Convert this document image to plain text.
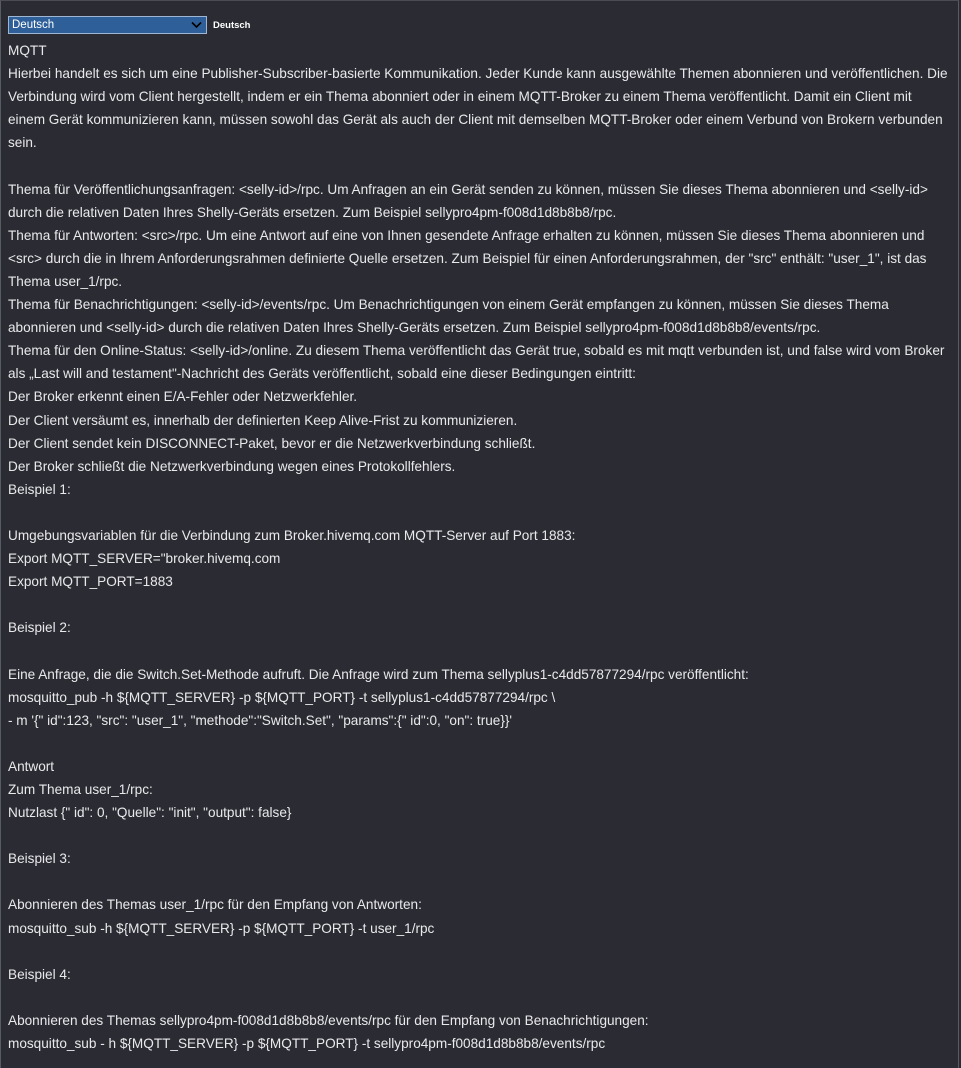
Deutsch	Deutsch

MQTT

Hierbei handelt es sich um eine Publisher-Subscriber-basierte Kommunikation. Jeder Kunde kann ausgewählte Themen abonnieren und veröffentlichen. Die Verbindung wird vom Client hergestellt, indem er ein Thema abonniert oder in einem MQTT-Broker zu einem Thema veröffentlicht. Damit ein Client mit einem Gerät kommunizieren kann, müssen sowohl das Gerät als auch der Client mit demselben MQTT-Broker oder einem Verbund von Brokern verbunden sein.

Thema für Veröffentlichungsanfragen: <selly-id>/rpc. Um Anfragen an ein Gerät senden zu können, müssen Sie dieses Thema abonnieren und <selly-id> durch die relativen Daten Ihres Shelly-Geräts ersetzen. Zum Beispiel sellypro4pm-f008d1d8b8b8/rpc.

Thema für Antworten: <src>/rpc. Um eine Antwort auf eine von Ihnen gesendete Anfrage erhalten zu können, müssen Sie dieses Thema abonnieren und <src> durch die in Ihrem Anforderungsrahmen definierte Quelle ersetzen. Zum Beispiel für einen Anforderungsrahmen, der "src" enthält: "user_1", ist das Thema user_1/rpc.

Thema für Benachrichtigungen: <selly-id>/events/rpc. Um Benachrichtigungen von einem Gerät empfangen zu können, müssen Sie dieses Thema abonnieren und <selly-id> durch die relativen Daten Ihres Shelly-Geräts ersetzen. Zum Beispiel sellypro4pm-f008d1d8b8b8/events/rpc.

Thema für den Online-Status: <selly-id>/online. Zu diesem Thema veröffentlicht das Gerät true, sobald es mit mqtt verbunden ist, und false wird vom Broker als „Last will and testament"-Nachricht des Geräts veröffentlicht, sobald eine dieser Bedingungen eintritt:

Der Broker erkennt einen E/A-Fehler oder Netzwerkfehler.

Der Client versäumt es, innerhalb der definierten Keep Alive-Frist zu kommunizieren.

Der Client sendet kein DISCONNECT-Paket, bevor er die Netzwerkverbindung schließt.

Der Broker schließt die Netzwerkverbindung wegen eines Protokollfehlers.

Beispiel 1:

Umgebungsvariablen für die Verbindung zum Broker.hivemq.com MQTT-Server auf Port 1883:

Export MQTT_SERVER="broker.hivemq.com

Export MQTT_PORT=1883

Beispiel 2:

Eine Anfrage, die die Switch.Set-Methode aufruft. Die Anfrage wird zum Thema sellyplus1-c4dd57877294/rpc veröffentlicht:

mosquitto_pub -h ${MQTT_SERVER} -p ${MQTT_PORT} -t sellyplus1-c4dd57877294/rpc \

- m '{" id":123, "src": "user_1", "methode":"Switch.Set", "params":{" id":0, "on": true}}'

Antwort

Zum Thema user_1/rpc:

Nutzlast {" id": 0, "Quelle": "init", "output": false}

Beispiel 3:

Abonnieren des Themas user_1/rpc für den Empfang von Antworten:

mosquitto_sub -h ${MQTT_SERVER} -p ${MQTT_PORT} -t user_1/rpc

Beispiel 4:

Abonnieren des Themas sellypro4pm-f008d1d8b8b8/events/rpc für den Empfang von Benachrichtigungen:

mosquitto_sub - h ${MQTT_SERVER} -p ${MQTT_PORT} -t sellypro4pm-f008d1d8b8b8/events/rpc
